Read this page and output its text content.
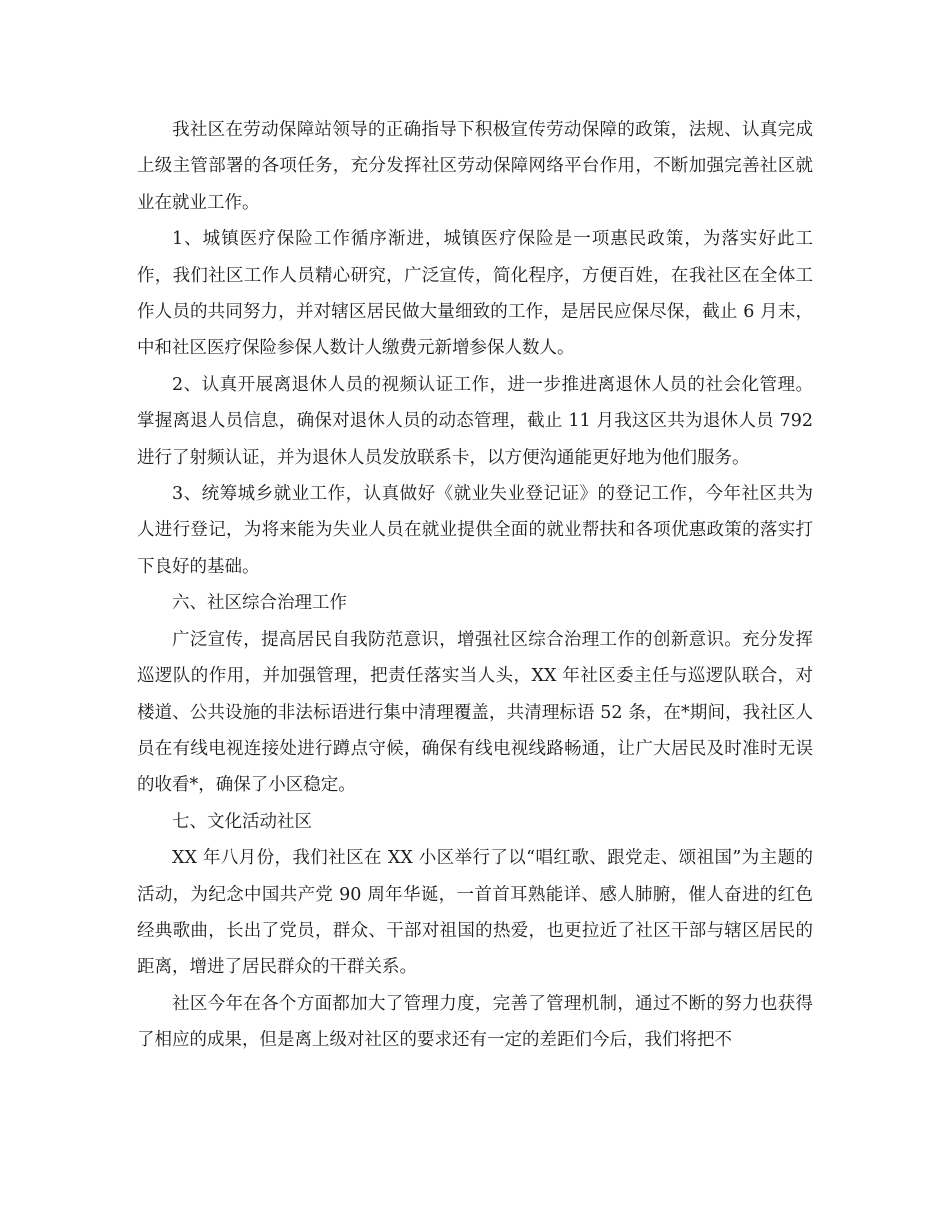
我社区在劳动保障站领导的正确指导下积极宣传劳动保障的政策，法规、认真完成上级主管部署的各项任务，充分发挥社区劳动保障网络平台作用，不断加强完善社区就业在就业工作。

1、城镇医疗保险工作循序渐进，城镇医疗保险是一项惠民政策，为落实好此工作，我们社区工作人员精心研究，广泛宣传，简化程序，方便百姓，在我社区在全体工作人员的共同努力，并对辖区居民做大量细致的工作，是居民应保尽保，截止 6 月末，中和社区医疗保险参保人数计人缴费元新增参保人数人。

2、认真开展离退休人员的视频认证工作，进一步推进离退休人员的社会化管理。掌握离退人员信息，确保对退休人员的动态管理，截止 11 月我这区共为退休人员 792 进行了射频认证，并为退休人员发放联系卡，以方便沟通能更好地为他们服务。

3、统筹城乡就业工作，认真做好《就业失业登记证》的登记工作，今年社区共为人进行登记，为将来能为失业人员在就业提供全面的就业帮扶和各项优惠政策的落实打下良好的基础。

六、社区综合治理工作

广泛宣传，提高居民自我防范意识，增强社区综合治理工作的创新意识。充分发挥巡逻队的作用，并加强管理，把责任落实当人头，XX 年社区委主任与巡逻队联合，对楼道、公共设施的非法标语进行集中清理覆盖，共清理标语 52 条，在*期间，我社区人员在有线电视连接处进行蹲点守候，确保有线电视线路畅通，让广大居民及时准时无误的收看*，确保了小区稳定。

七、文化活动社区

XX 年八月份，我们社区在 XX 小区举行了以“唱红歌、跟党走、颂祖国”为主题的活动，为纪念中国共产党 90 周年华诞，一首首耳熟能详、感人肺腑，催人奋进的红色经典歌曲，长出了党员，群众、干部对祖国的热爱，也更拉近了社区干部与辖区居民的距离，增进了居民群众的干群关系。

社区今年在各个方面都加大了管理力度，完善了管理机制，通过不断的努力也获得了相应的成果，但是离上级对社区的要求还有一定的差距们今后，我们将把不
